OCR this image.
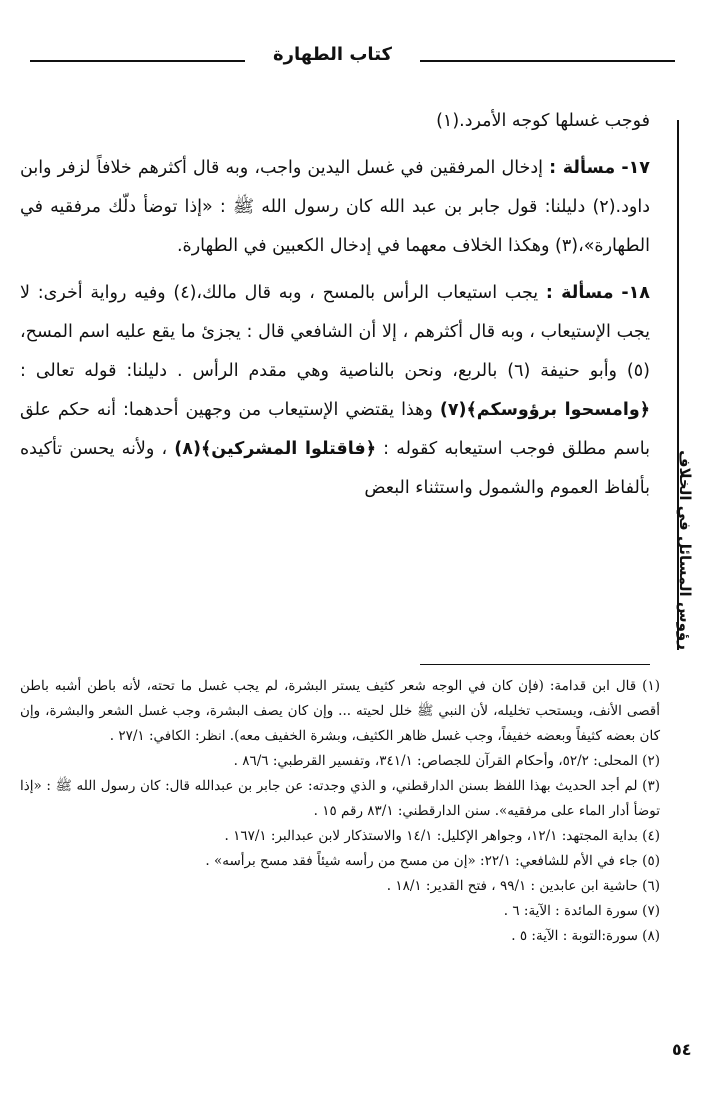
كتاب الطهارة
رؤوس المسائل في الخلاف

فوجب غسلها كوجه الأمرد.(١)

١٧- مسألة : إدخال المرفقين في غسل اليدين واجب، وبه قال أكثرهم خلافاً لزفر وابن داود.(٢) دليلنا: قول جابر بن عبد الله كان رسول الله ﷺ : «إذا توضأ دلّك مرفقيه في الطهارة»،(٣) وهكذا الخلاف معهما في إدخال الكعبين في الطهارة.

١٨- مسألة : يجب استيعاب الرأس بالمسح ، وبه قال مالك،(٤) وفيه رواية أخرى: لا يجب الإستيعاب ، وبه قال أكثرهم ، إلا أن الشافعي قال : يجزئ ما يقع عليه اسم المسح،(٥) وأبو حنيفة (٦) بالربع، ونحن بالناصية وهي مقدم الرأس . دليلنا: قوله تعالى : ﴿وامسحوا برؤوسكم﴾(٧) وهذا يقتضي الإستيعاب من وجهين أحدهما: أنه حكم علق باسم مطلق فوجب استيعابه كقوله : ﴿فاقتلوا المشركين﴾(٨) ، ولأنه يحسن تأكيده بألفاظ العموم والشمول واستثناء البعض

(١) قال ابن قدامة: (فإن كان في الوجه شعر كثيف يستر البشرة، لم يجب غسل ما تحته، لأنه باطن أشبه باطن أقصى الأنف، ويستحب تخليله، لأن النبي ﷺ خلل لحيته ... وإن كان يصف البشرة، وجب غسل الشعر والبشرة، وإن كان بعضه كثيفاً وبعضه خفيفاً، وجب غسل ظاهر الكثيف، وبشرة الخفيف معه). انظر: الكافي: ٢٧/١ .

(٢) المحلى: ٥٢/٢، وأحكام القرآن للجصاص: ٣٤١/١، وتفسير القرطبي: ٨٦/٦ .

(٣) لم أجد الحديث بهذا اللفظ بسنن الدارقطني، و الذي وجدته: عن جابر بن عبدالله قال: كان رسول الله ﷺ : «إذا توضأ أدار الماء على مرفقيه». سنن الدارقطني: ٨٣/١ رقم ١٥ .

(٤) بداية المجتهد: ١٢/١، وجواهر الإكليل: ١٤/١ والاستذكار لابن عبدالبر: ١٦٧/١ .

(٥) جاء في الأم للشافعي: ٢٢/١: «إن من مسح من رأسه شيئاً فقد مسح برأسه» .

(٦) حاشية ابن عابدين : ٩٩/١ ، فتح القدير: ١٨/١ .

(٧) سورة المائدة : الآية: ٦ .

(٨) سورة:التوبة : الآية: ٥ .

٥٤
